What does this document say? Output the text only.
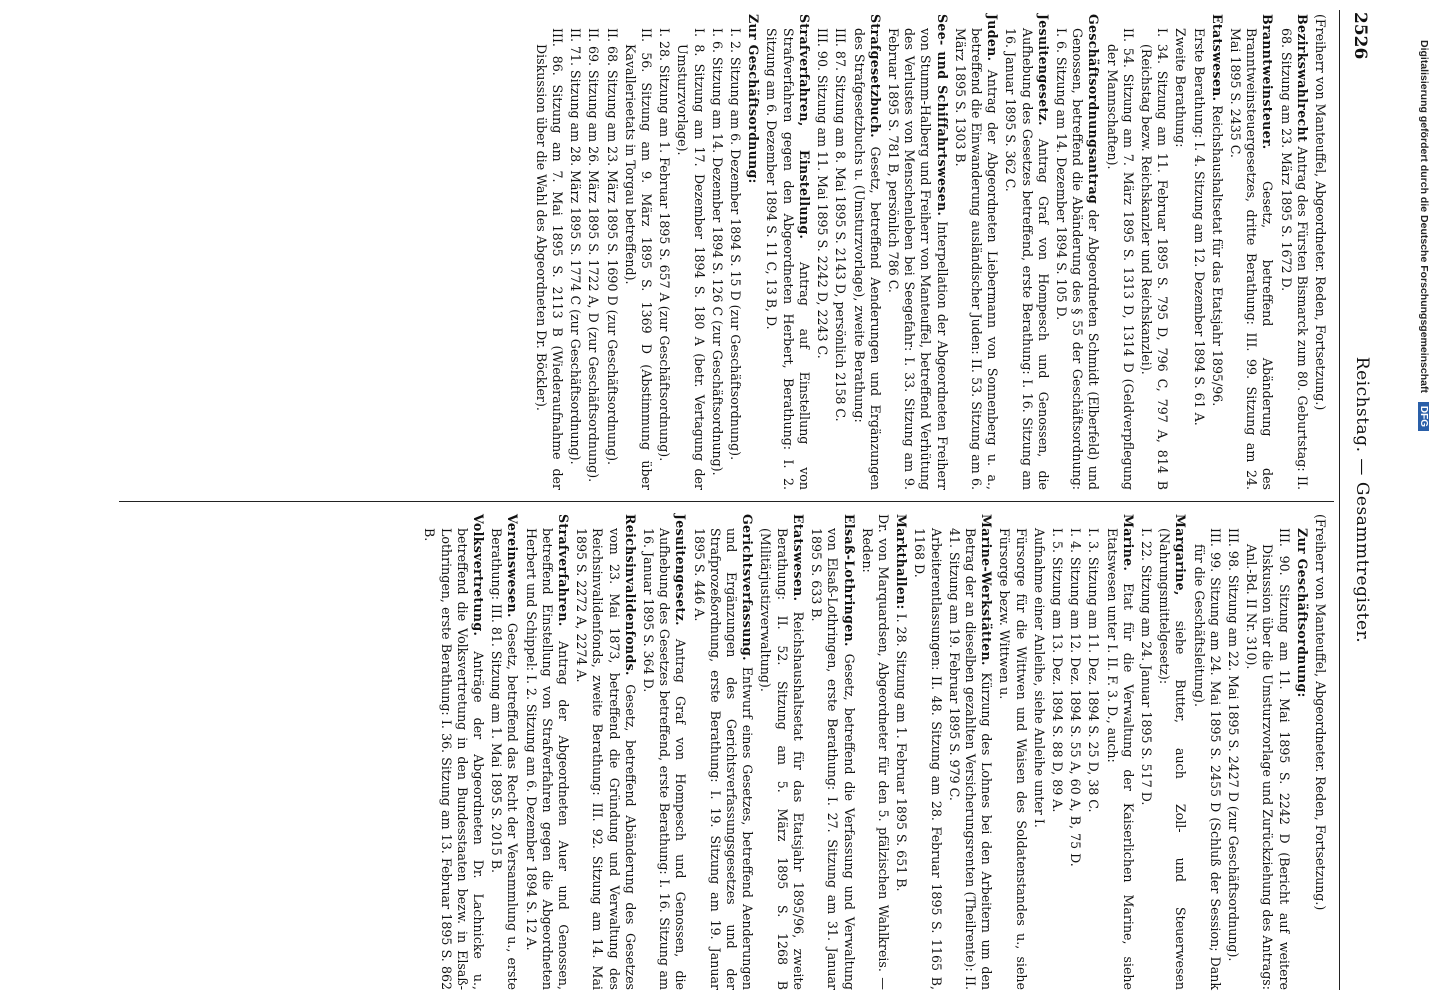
2526
Reichstag. — Gesammtregister.
(Freiherr von Manteuffel, Abgeordneter. Reden, Fortsetzung.)
Bezirkswahlrecht Antrag des Fürsten Bismarck zum 80. Geburtstag: II. 68. Sitzung am 23. März 1895 S. 1672 D.
Branntweinsteuer. Gesetz, betreffend Abänderung des Branntweinsteuergesetzes, dritte Berathung: III. 99. Sitzung am 24. Mai 1895 S. 2435 C.
Etatswesen. Reichshaushaltsetat für das Etatsjahr 1895/96.
Erste Berathung: I. 4. Sitzung am 12. Dezember 1894 S. 61 A.
Zweite Berathung:
I. 34. Sitzung am 11. Februar 1895 S. 795 D, 796 C, 797 A, 814 B (Reichstag bezw. Reichskanzler und Reichskanzlei).
II. 54. Sitzung am 7. März 1895 S. 1313 D, 1314 D (Geldverpflegung der Mannschaften).
Geschäftsordnungsantrag der Abgeordneten Schmidt (Elberfeld) und Genossen, betreffend die Abänderung des § 55 der Geschäftsordnung: I. 6. Sitzung am 14. Dezember 1894 S. 105 D.
Jesuitengesetz. Antrag Graf von Hompesch und Genossen, die Aufhebung des Gesetzes betreffend, erste Berathung: I. 16. Sitzung am 16. Januar 1895 S. 362 C.
Juden. Antrag der Abgeordneten Liebermann von Sonnenberg u. a., betreffend die Einwanderung ausländischer Juden: II. 53. Sitzung am 6. März 1895 S. 1303 B.
See- und Schiffahrtswesen. Interpellation der Abgeordneten Freiherr von Stumm-Halberg und Freiherr von Manteuffel, betreffend Verhütung des Verlustes von Menschenleben bei Seegefahr: I. 33. Sitzung am 9. Februar 1895 S. 781 B, persönlich 786 C.
Strafgesetzbuch. Gesetz, betreffend Aenderungen und Ergänzungen des Strafgesetzbuchs u. (Umsturzvorlage), zweite Berathung:
III. 87. Sitzung am 8. Mai 1895 S. 2143 D, persönlich 2158 C.
III. 90. Sitzung am 11. Mai 1895 S. 2242 D, 2243 C.
Strafverfahren, Einstellung. Antrag auf Einstellung von Strafverfahren gegen den Abgeordneten Herbert, Berathung: I. 2. Sitzung am 6. Dezember 1894 S. 11 C, 13 B, D.
Zur Geschäftsordnung:
I. 2. Sitzung am 6. Dezember 1894 S. 15 D (zur Geschäftsordnung).
I. 6. Sitzung am 14. Dezember 1894 S. 126 C (zur Geschäftsordnung).
I. 8. Sitzung am 17. Dezember 1894 S. 180 A (betr. Vertagung der Umsturzvorlage).
I. 28. Sitzung am 1. Februar 1895 S. 657 A (zur Geschäftsordnung).
II. 56. Sitzung am 9. März 1895 S. 1369 D (Abstimmung über Kavallerieetats in Torgau betreffend).
II. 68. Sitzung am 23. März 1895 S. 1690 D (zur Geschäftsordnung).
II. 69. Sitzung am 26. März 1895 S. 1722 A, D (zur Geschäftsordnung).
II. 71. Sitzung am 28. März 1895 S. 1774 C (zur Geschäftsordnung).
III. 86. Sitzung am 7. Mai 1895 S. 2113 B (Wiederaufnahme der Diskussion über die Wahl des Abgeordneten Dr. Böckler).
(Freiherr von Manteuffel, Abgeordneter. Reden, Fortsetzung.)
Zur Geschäftsordnung:
III. 90. Sitzung am 11. Mai 1895 S. 2242 D (Bericht auf weitere Diskussion über die Umsturzvorlage und Zurückziehung des Antrags: Anl.-Bd. II Nr. 310).
III. 98. Sitzung am 22. Mai 1895 S. 2427 D (zur Geschäftsordnung).
III. 99. Sitzung am 24. Mai 1895 S. 2455 D (Schluß der Session; Dank für die Geschäftsleitung).
Margarine, siehe Butter, auch Zoll- und Steuerwesen (Nahrungsmittelgesetz):
I. 22. Sitzung am 24. Januar 1895 S. 517 D.
Marine. Etat für die Verwaltung der Kaiserlichen Marine, siehe Etatswesen unter I. II. F. 3. D., auch:
I. 3. Sitzung am 11. Dez. 1894 S. 25 D, 38 C.
I. 4. Sitzung am 12. Dez. 1894 S. 55 A, 60 A, B, 75 D.
I. 5. Sitzung am 13. Dez. 1894 S. 88 D, 89 A.
Aufnahme einer Anleihe, siehe Anleihe unter I.
Fürsorge für die Wittwen und Waisen des Soldatenstandes u., siehe Fürsorge bezw. Wittwen u.
Marine-Werkstätten. Kürzung des Lohnes bei den Arbeitern um den Betrag der an dieselben gezahlten Versicherungsrenten (Theilrente): II. 41. Sitzung am 19. Februar 1895 S. 979 C.
Arbeiterentlassungen: II. 48. Sitzung am 28. Februar 1895 S. 1165 B, 1168 D.
Markthallen: I. 28. Sitzung am 1. Februar 1895 S. 651 B.
Dr. von Marquardsen, Abgeordneter für den 5. pfälzischen Wahlkreis. — Reden:
Elsaß-Lothringen. Gesetz, betreffend die Verfassung und Verwaltung von Elsaß-Lothringen, erste Berathung: I. 27. Sitzung am 31. Januar 1895 S. 633 B.
Etatswesen. Reichshaushaltsetat für das Etatsjahr 1895/96, zweite Berathung: II. 52. Sitzung am 5. März 1895 S. 1268 B (Militärjustizverwaltung).
Gerichtsverfassung. Entwurf eines Gesetzes, betreffend Aenderungen und Ergänzungen des Gerichtsverfassungsgesetzes und der Strafprozeßordnung, erste Berathung: I. 19. Sitzung am 19. Januar 1895 S. 446 A.
Jesuitengesetz. Antrag Graf von Hompesch und Genossen, die Aufhebung des Gesetzes betreffend, erste Berathung: I. 16. Sitzung am 16. Januar 1895 S. 364 D.
Reichsinvalidenfonds. Gesetz, betreffend Abänderung des Gesetzes vom 23. Mai 1873, betreffend die Gründung und Verwaltung des Reichsinvalidenfonds, zweite Berathung: III. 92. Sitzung am 14. Mai 1895 S. 2272 A, 2274 A.
Strafverfahren. Antrag der Abgeordneten Auer und Genossen, betreffend Einstellung von Strafverfahren gegen die Abgeordneten Herbert und Schippel: I. 2. Sitzung am 6. Dezember 1894 S. 12 A.
Vereinswesen. Gesetz, betreffend das Recht der Versammlung u., erste Berathung: III. 81. Sitzung am 1. Mai 1895 S. 2015 B.
Volksvertretung. Anträge der Abgeordneten Dr. Lachnicke u., betreffend die Volksvertretung in den Bundesstaaten bezw. in Elsaß-Lothringen, erste Berathung: I. 36. Sitzung am 13. Februar 1895 S. 862 B.
Digitalisierung gefördert durch die Deutsche Forschungsgemeinschaft DFG
